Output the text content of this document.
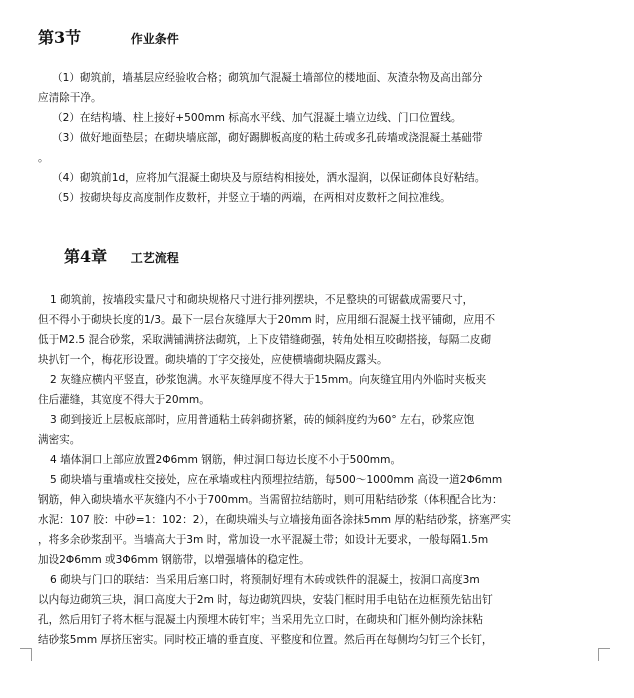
第3节	作业条件
（1）砌筑前，墙基层应经验收合格；砌筑加气混凝土墙部位的楼地面、灰渣杂物及高出部分
应清除干净。
（2）在结构墙、柱上接好+500mm 标高水平线、加气混凝土墙立边线、门口位置线。
（3）做好地面垫层；在砌块墙底部，砌好踢脚板高度的粘土砖或多孔砖墙或浇混凝土基础带
。
（4）砌筑前1d，应将加气混凝土砌块及与原结构相接处，洒水湿润，以保证砌体良好粘结。
（5）按砌块每皮高度制作皮数杆，并竖立于墙的两端，在两相对皮数杆之间拉准线。
第4章 工艺流程
1 砌筑前，按墙段实量尺寸和砌块规格尺寸进行排列摆块，不足整块的可锯截成需要尺寸，
但不得小于砌块长度的1/3。最下一层台灰缝厚大于20mm 时，应用细石混凝土找平铺砌，应用不
低于M2.5 混合砂浆，采取满铺满挤法砌筑，上下皮错缝砌强，转角处相互咬砌搭接，每隔二皮砌
块扒钉一个，梅花形设置。砌块墙的丁字交接处，应使横墙砌块隔皮露头。
2 灰缝应横内平竖直，砂浆饱满。水平灰缝厚度不得大于15mm。向灰缝宜用内外临时夹板夹
住后灌缝，其宽度不得大于20mm。
3 砌到接近上层板底部时，应用普通粘土砖斜砌挤紧，砖的倾斜度约为60° 左右，砂浆应饱
满密实。
4 墙体洞口上部应放置2Φ6mm 钢筋，伸过洞口每边长度不小于500mm。
5 砌块墙与重墙或柱交接处，应在承墙或柱内预埋拉结筋，每500～1000mm 高设一道2Φ6mm
钢筋，伸入砌块墙水平灰缝内不小于700mm。当需留拉结筋时，则可用粘结砂浆（体积配合比为：
水泥：107 胶：中砂=1：102：2），在砌块端头与立墙接角面各涂抹5mm 厚的粘结砂浆，挤塞严实
，将多余砂浆刮平。当墙高大于3m 时，常加设一水平混凝土带；如设计无要求，一般每隔1.5m
加设2Φ6mm 或3Φ6mm 钢筋带，以增强墙体的稳定性。
6 砌块与门口的联结：当采用后塞口时，将预制好埋有木砖或铁件的混凝土，按洞口高度3m
以内每边砌筑三块，洞口高度大于2m 时，每边砌筑四块，安装门框时用手电钻在边框预先钻出钉
孔，然后用钉子将木框与混凝土内预埋木砖钉牢；当采用先立口时，在砌块和门框外侧均涂抹粘
结砂浆5mm 厚挤压密实。同时校正墙的垂直度、平整度和位置。然后再在每侧均匀钉三个长钉，
